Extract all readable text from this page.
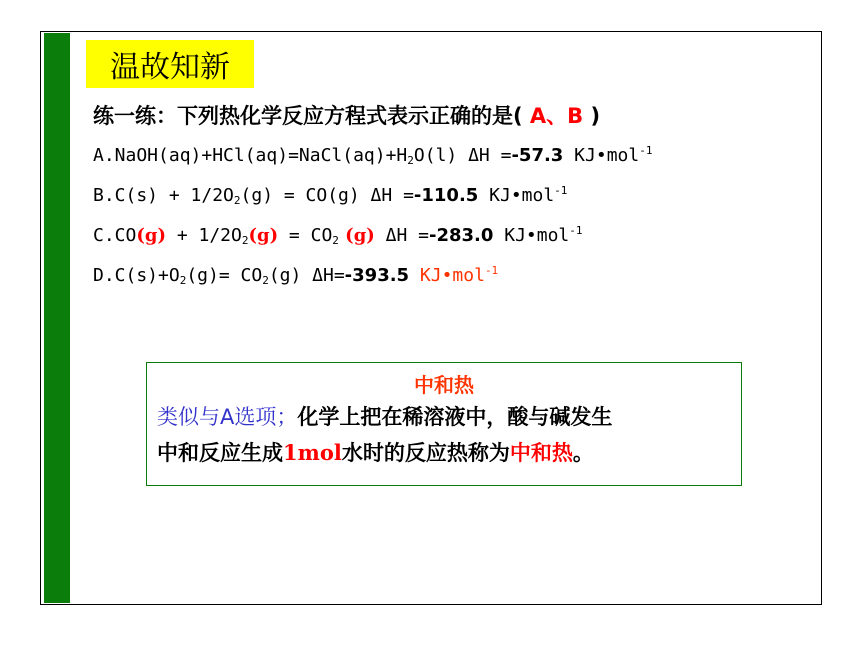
温故知新
练一练：下列热化学反应方程式表示正确的是( A、B )
$A.NaOH(aq)+HCl(aq)=NaCl(aq)+H_2O(l)$ ΔH =-57.3 KJ•mol$^{-1}$
$B.C(s) + 1/2O_2(g) = CO(g)$ ΔH =-110.5 KJ•mol$^{-1}$
$C.CO(g) + 1/2O_2(g) = CO_2$ (g) ΔH =-283.0 KJ•mol$^{-1}$
$D.C(s)+O_2(g)= CO_2(g)$ ΔH=-393.5 KJ•mol$^{-1}$
中和热
类似与A选项；化学上把在稀溶液中，酸与碱发生
中和反应生成1mol水时的反应热称为中和热。
